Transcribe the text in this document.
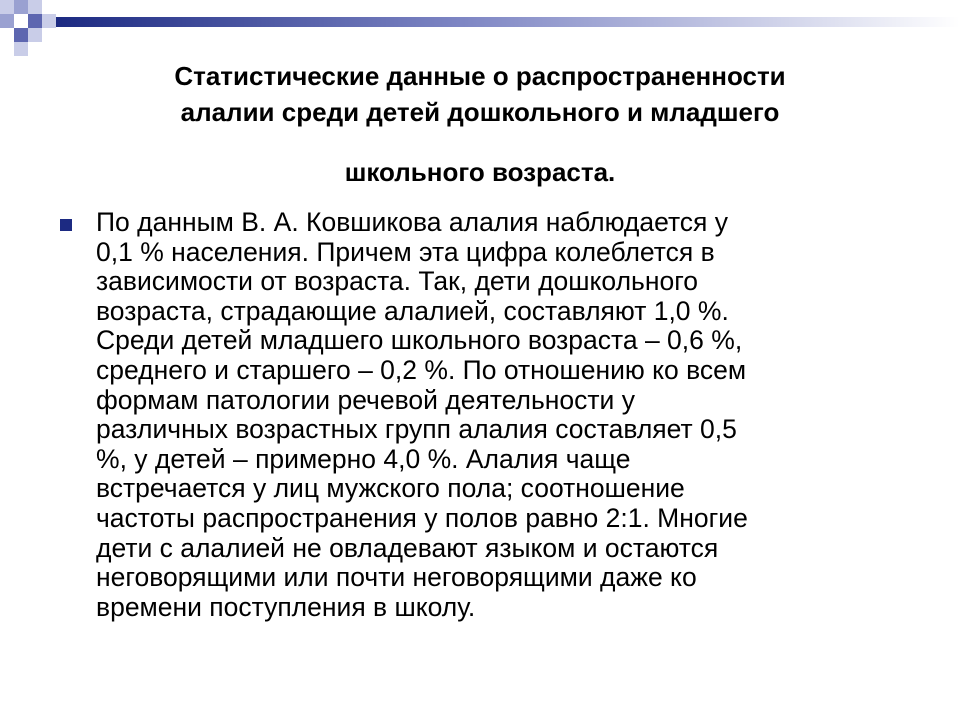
Статистические данные о распространенности
алалии среди детей дошкольного и младшего
школьного возраста.
По данным В. А. Ковшикова алалия наблюдается у
0,1 % населения. Причем эта цифра колеблется в
зависимости от возраста. Так, дети дошкольного
возраста, страдающие алалией, составляют 1,0 %.
Среди детей младшего школьного возраста – 0,6 %,
среднего и старшего – 0,2 %. По отношению ко всем
формам патологии речевой деятельности у
различных возрастных групп алалия составляет 0,5
%, у детей – примерно 4,0 %. Алалия чаще
встречается у лиц мужского пола; соотношение
частоты распространения у полов равно 2:1. Многие
дети с алалией не овладевают языком и остаются
неговорящими или почти неговорящими даже ко
времени поступления в школу.
